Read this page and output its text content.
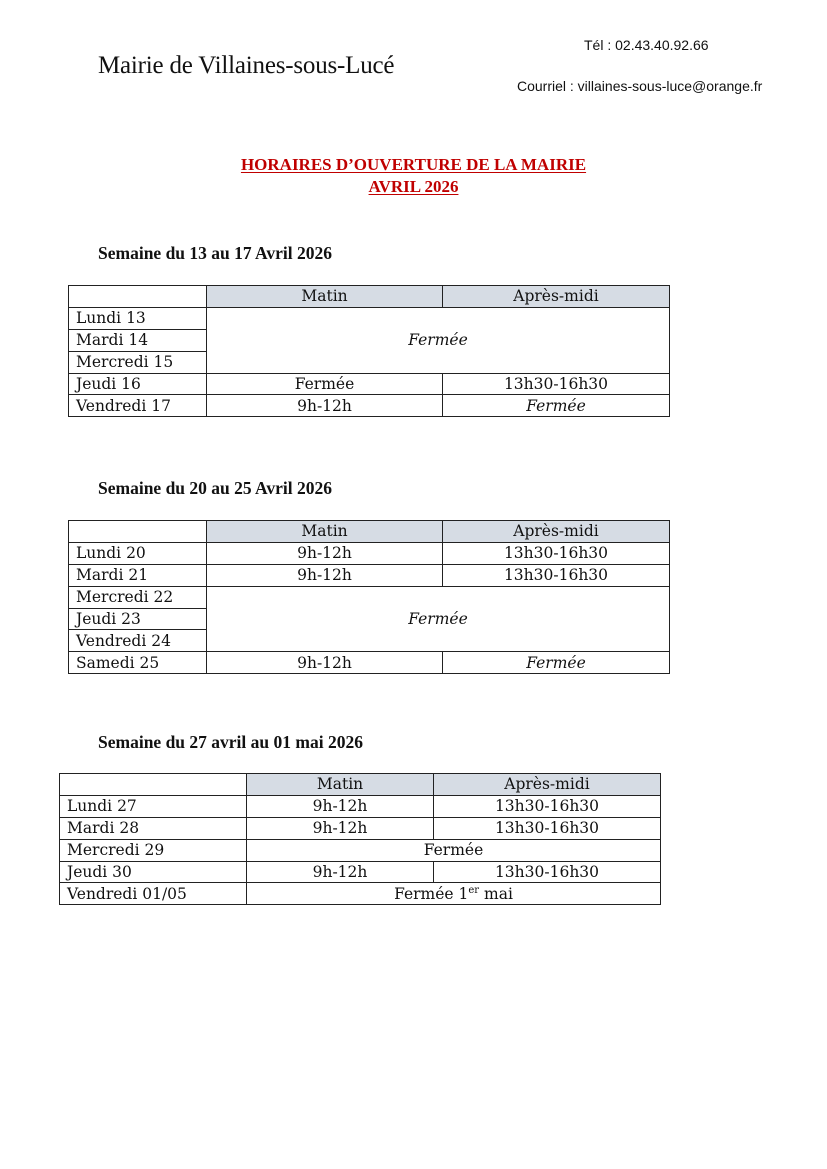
Mairie de Villaines-sous-Lucé
Tél : 02.43.40.92.66
Courriel : villaines-sous-luce@orange.fr
HORAIRES D’OUVERTURE DE LA MAIRIE
AVRIL 2026
Semaine du 13 au 17 Avril 2026
	Matin	Après-midi
Lundi 13	Fermée	
Mardi 14		
Mercredi 15		
Jeudi 16	Fermée	13h30-16h30
Vendredi 17	9h-12h	Fermée
Semaine du 20 au 25 Avril 2026
	Matin	Après-midi
Lundi 20	9h-12h	13h30-16h30
Mardi 21	9h-12h	13h30-16h30
Mercredi 22	Fermée	
Jeudi 23		
Vendredi 24		
Samedi 25	9h-12h	Fermée
Semaine du 27 avril au 01 mai 2026
	Matin	Après-midi
Lundi 27	9h-12h	13h30-16h30
Mardi 28	9h-12h	13h30-16h30
Mercredi 29	Fermée	
Jeudi 30	9h-12h	13h30-16h30
Vendredi 01/05	Fermée 1er mai	
